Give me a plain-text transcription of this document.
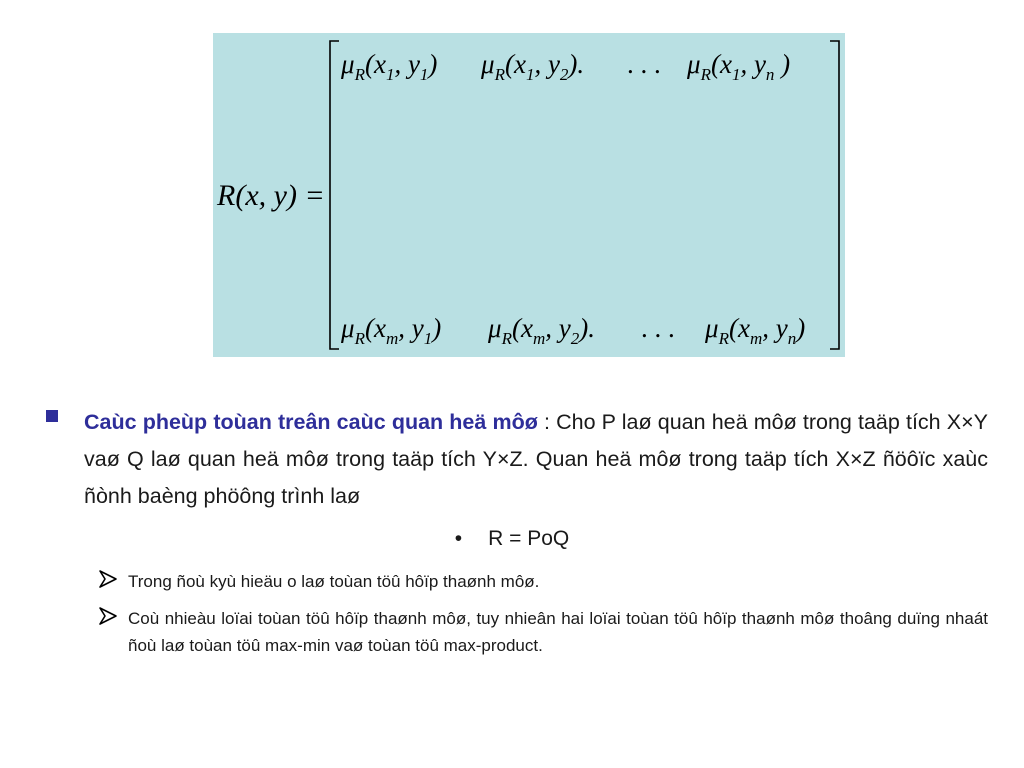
R(x, y) =
$\mu_R(x_1$, $y_1$) $\mu_R(x_1$, $y_2$). . . . $\mu_R(x_1$, $y_n$ )
$\mu_R(x_m$, $y_1$) $\mu_R(x_m$, $y_2$). . . . $\mu_R(x_m$, $y_n$)
Caùc pheùp toùan treân caùc quan heä môø : Cho P laø quan heä môø trong taäp tích X×Y vaø Q laø quan heä môø trong taäp tích Y×Z. Quan heä môø trong taäp tích X×Z ñöôïc xaùc ñònh baèng phöông trình laø
• R = PoQ
Trong ñoù kyù hieäu o laø toùan töû hôïp thaønh môø.
Coù nhieàu loïai toùan töû hôïp thaønh môø, tuy nhieân hai loïai toùan töû hôïp thaønh môø thoâng duïng nhaát ñoù laø toùan töû max-min vaø toùan töû max-product.
